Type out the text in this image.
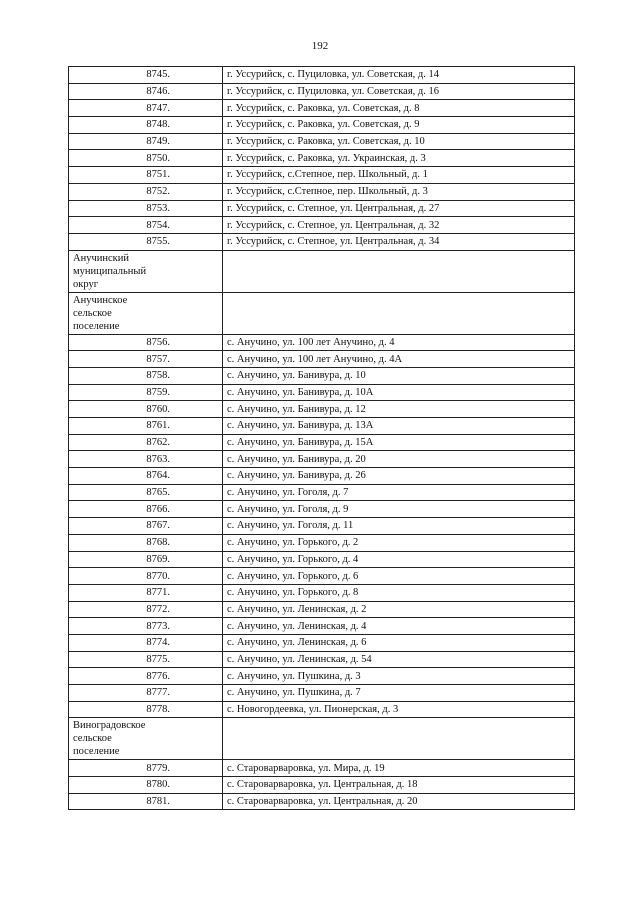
192
8745.	г. Уссурийск, с. Пуциловка, ул. Советская, д. 14
8746.	г. Уссурийск, с. Пуциловка, ул. Советская, д. 16
8747.	г. Уссурийск, с. Раковка, ул. Советская, д. 8
8748.	г. Уссурийск, с. Раковка, ул. Советская, д. 9
8749.	г. Уссурийск, с. Раковка, ул. Советская, д. 10
8750.	г. Уссурийск, с. Раковка, ул. Украинская, д. 3
8751.	г. Уссурийск, с.Степное, пер. Школьный, д. 1
8752.	г. Уссурийск, с.Степное, пер. Школьный, д. 3
8753.	г. Уссурийск, с. Степное, ул. Центральная, д. 27
8754.	г. Уссурийск, с. Степное, ул. Центральная, д. 32
8755.	г. Уссурийск, с. Степное, ул. Центральная, д. 34
Анучинский
муниципальный
округ	
Анучинское
сельское
поселение	
8756.	с. Анучино, ул. 100 лет Анучино, д. 4
8757.	с. Анучино, ул. 100 лет Анучино, д. 4А
8758.	с. Анучино, ул. Банивура, д. 10
8759.	с. Анучино, ул. Банивура, д. 10А
8760.	с. Анучино, ул. Банивура, д. 12
8761.	с. Анучино, ул. Банивура, д. 13А
8762.	с. Анучино, ул. Банивура, д. 15А
8763.	с. Анучино, ул. Банивура, д. 20
8764.	с. Анучино, ул. Банивура, д. 26
8765.	с. Анучино, ул. Гоголя, д. 7
8766.	с. Анучино, ул. Гоголя, д. 9
8767.	с. Анучино, ул. Гоголя, д. 11
8768.	с. Анучино, ул. Горького, д. 2
8769.	с. Анучино, ул. Горького, д. 4
8770.	с. Анучино, ул. Горького, д. 6
8771.	с. Анучино, ул. Горького, д. 8
8772.	с. Анучино, ул. Ленинская, д. 2
8773.	с. Анучино, ул. Ленинская, д. 4
8774.	с. Анучино, ул. Ленинская, д. 6
8775.	с. Анучино, ул. Ленинская, д. 54
8776.	с. Анучино, ул. Пушкина, д. 3
8777.	с. Анучино, ул. Пушкина, д. 7
8778.	с. Новогордеевка, ул. Пионерская, д. 3
Виноградовское
сельское
поселение	
8779.	с. Староварваровка, ул. Мира, д. 19
8780.	с. Староварваровка, ул. Центральная, д. 18
8781.	с. Староварваровка, ул. Центральная, д. 20
